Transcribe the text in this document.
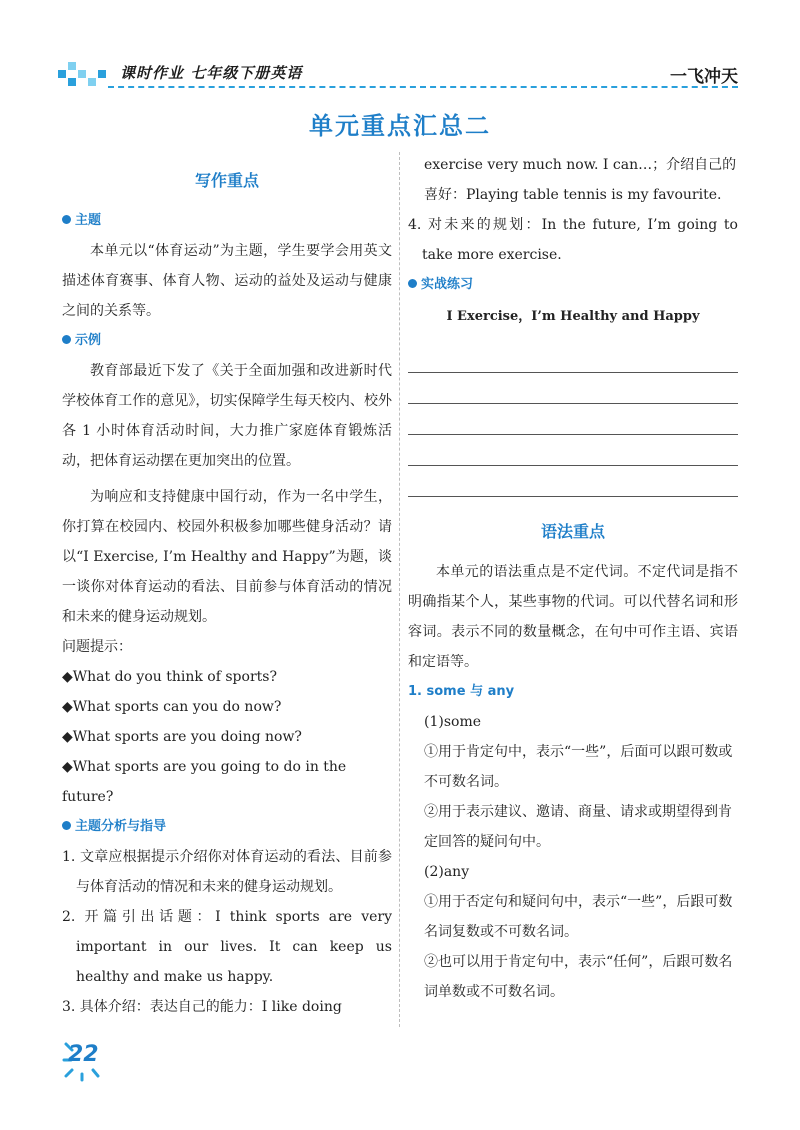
课时作业 七年级下册英语	一飞冲天
单元重点汇总二
写作重点
主题

本单元以“体育运动”为主题，学生要学会用英文描述体育赛事、体育人物、运动的益处及运动与健康之间的关系等。

示例

教育部最近下发了《关于全面加强和改进新时代学校体育工作的意见》，切实保障学生每天校内、校外各 1 小时体育活动时间，大力推广家庭体育锻炼活动，把体育运动摆在更加突出的位置。

为响应和支持健康中国行动，作为一名中学生，你打算在校园内、校园外积极参加哪些健身活动？请以“I Exercise, I’m Healthy and Happy”为题，谈一谈你对体育运动的看法、目前参与体育活动的情况和未来的健身运动规划。

问题提示：

◆What do you think of sports?

◆What sports can you do now?

◆What sports are you doing now?

◆What sports are you going to do in the future?

主题分析与指导

1. 文章应根据提示介绍你对体育运动的看法、目前参与体育活动的情况和未来的健身运动规划。

2. 开篇引出话题：I think sports are very important in our lives. It can keep us healthy and make us happy.

3. 具体介绍：表达自己的能力：I like doing

exercise very much now. I can…；介绍自己的喜好：Playing table tennis is my favourite.

4. 对未来的规划：In the future, I’m going to take more exercise.

实战练习
I Exercise，I’m Healthy and Happy
语法重点

本单元的语法重点是不定代词。不定代词是指不明确指某个人，某些事物的代词。可以代替名词和形容词。表示不同的数量概念，在句中可作主语、宾语和定语等。

1. some 与 any

(1)some

①用于肯定句中，表示“一些”，后面可以跟可数或不可数名词。

②用于表示建议、邀请、商量、请求或期望得到肯定回答的疑问句中。

(2)any

①用于否定句和疑问句中，表示“一些”，后跟可数名词复数或不可数名词。

②也可以用于肯定句中，表示“任何”，后跟可数名词单数或不可数名词。

22
